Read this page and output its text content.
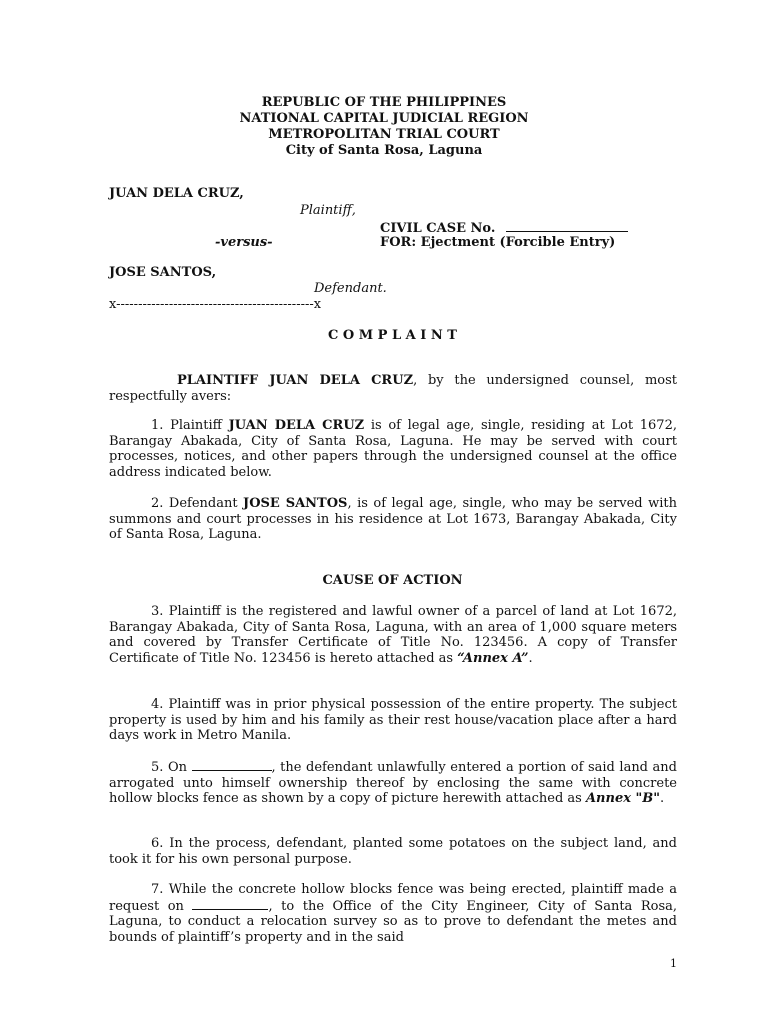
REPUBLIC OF THE PHILIPPINES
NATIONAL CAPITAL JUDICIAL REGION
METROPOLITAN TRIAL COURT
City of Santa Rosa, Laguna
JUAN DELA CRUZ,
Plaintiff,
CIVIL CASE No.
-versus-	FOR: Ejectment (Forcible Entry)
JOSE SANTOS,
Defendant.
x---------------------------------------------x
C O M P L A I N T
PLAINTIFF JUAN DELA CRUZ, by the undersigned counsel, most respectfully avers:
1. Plaintiff JUAN DELA CRUZ is of legal age, single, residing at Lot 1672, Barangay Abakada, City of Santa Rosa, Laguna. He may be served with court processes, notices, and other papers through the undersigned counsel at the office address indicated below.
2. Defendant JOSE SANTOS, is of legal age, single, who may be served with summons and court processes in his residence at Lot 1673, Barangay Abakada, City of Santa Rosa, Laguna.
CAUSE OF ACTION
3. Plaintiff is the registered and lawful owner of a parcel of land at Lot 1672, Barangay Abakada, City of Santa Rosa, Laguna, with an area of 1,000 square meters and covered by Transfer Certificate of Title No. 123456. A copy of Transfer Certificate of Title No. 123456 is hereto attached as “Annex A”.
4. Plaintiff was in prior physical possession of the entire property. The subject property is used by him and his family as their rest house/vacation place after a hard days work in Metro Manila.
5. On	, the defendant unlawfully entered a portion of said land and arrogated unto himself ownership thereof by enclosing the same with concrete hollow blocks fence as shown by a copy of picture herewith attached as Annex "B".
6. In the process, defendant, planted some potatoes on the subject land, and took it for his own personal purpose.
7. While the concrete hollow blocks fence was being erected, plaintiff made a request on	, to the Office of the City Engineer, City of Santa Rosa, Laguna, to conduct a relocation survey so as to prove to defendant the metes and bounds of plaintiff’s property and in the said
1
